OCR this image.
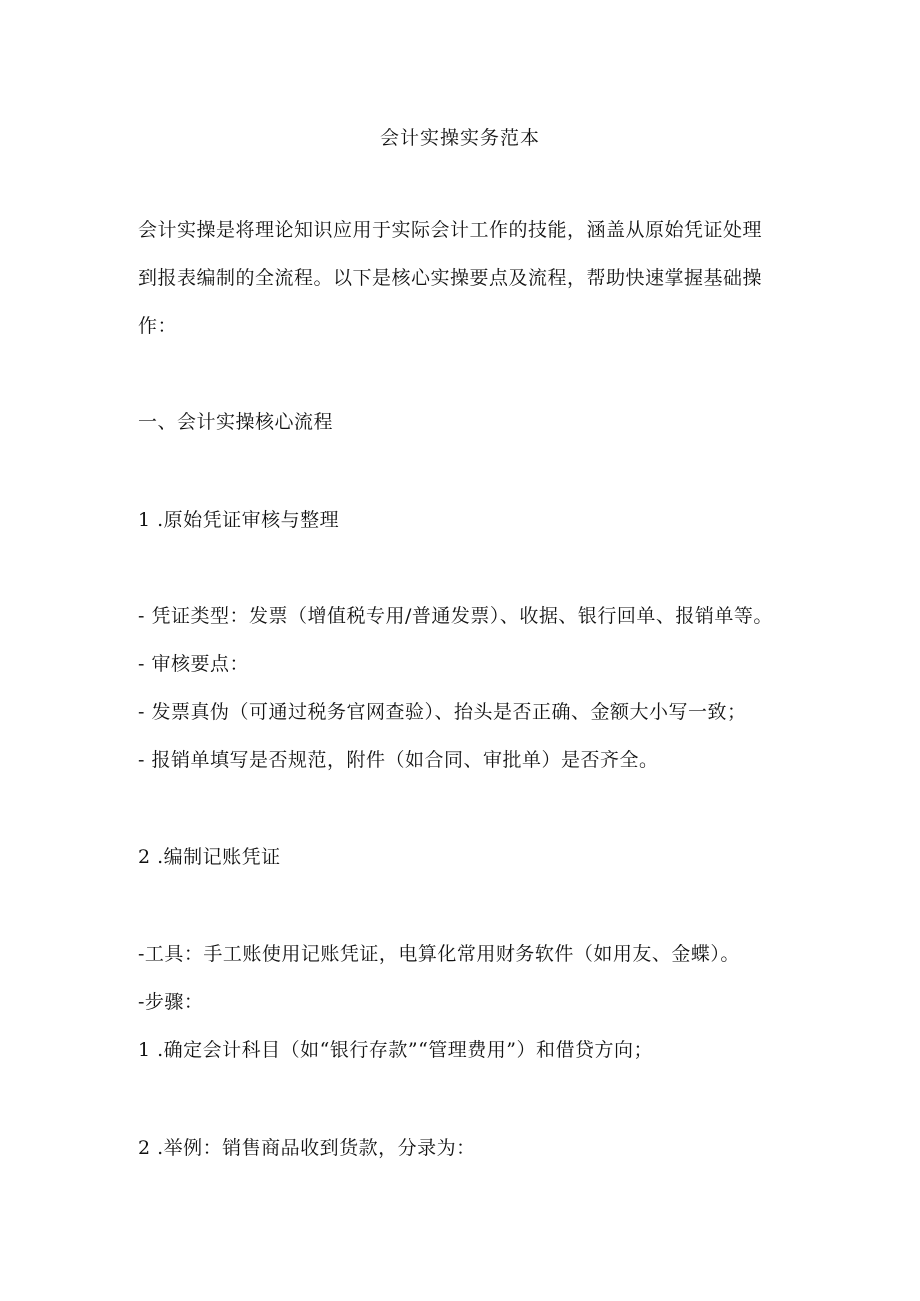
会计实操实务范本
会计实操是将理论知识应用于实际会计工作的技能，涵盖从原始凭证处理
到报表编制的全流程。以下是核心实操要点及流程，帮助快速掌握基础操
作：
一、会计实操核心流程
1 .原始凭证审核与整理
- 凭证类型：发票（增值税专用/普通发票）、收据、银行回单、报销单等。
- 审核要点：
- 发票真伪（可通过税务官网查验）、抬头是否正确、金额大小写一致；
- 报销单填写是否规范，附件（如合同、审批单）是否齐全。
2 .编制记账凭证
-工具：手工账使用记账凭证，电算化常用财务软件（如用友、金蝶）。
-步骤：
1 .确定会计科目（如“银行存款”“管理费用”）和借贷方向；
2 .举例：销售商品收到货款，分录为：
